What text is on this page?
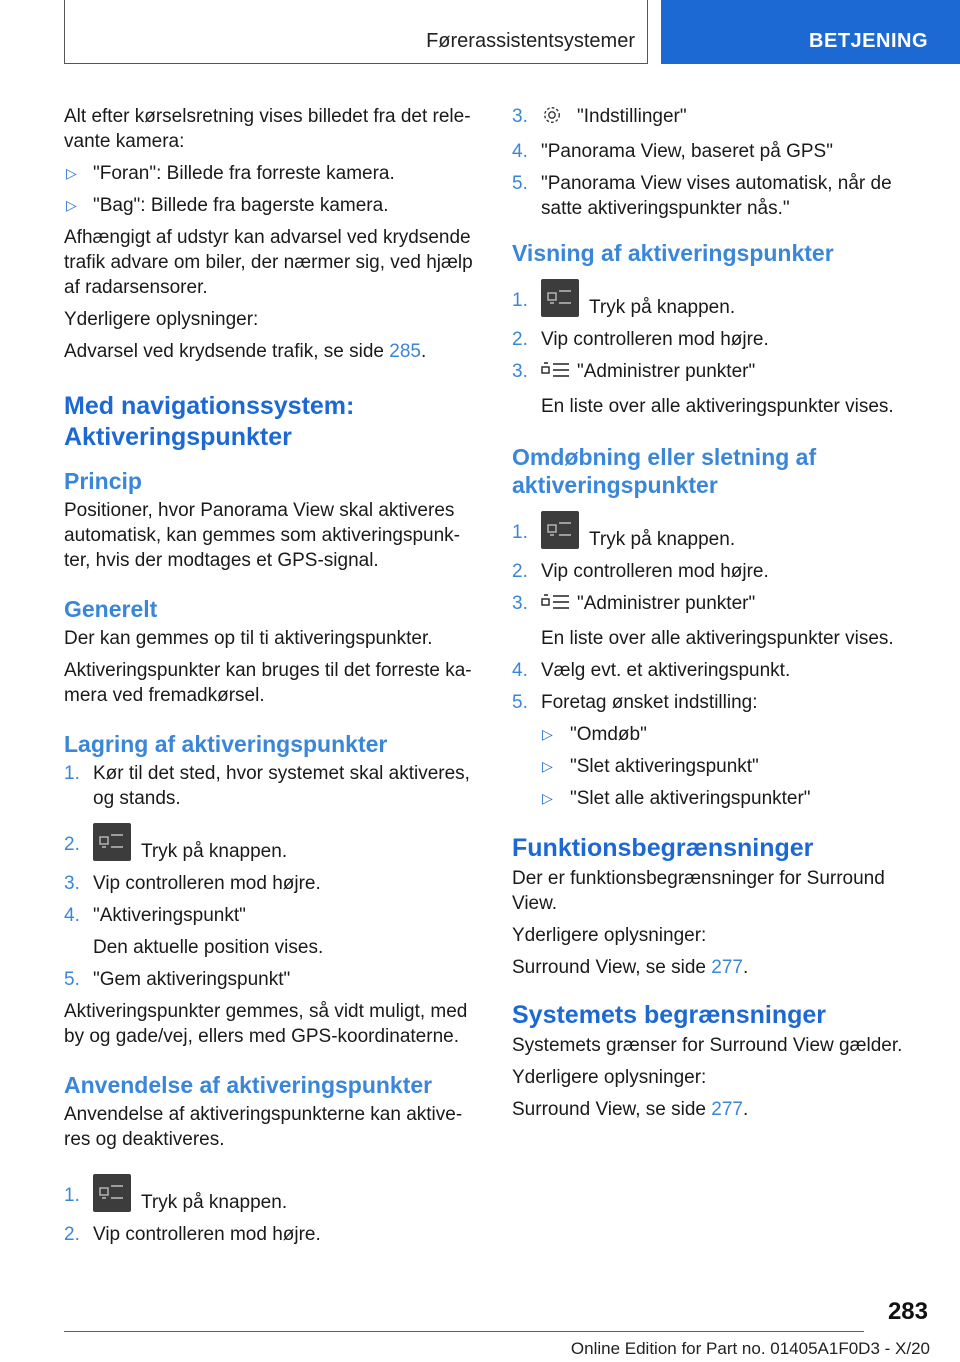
Førerassistentsystemer	BETJENING

Alt efter kørselsretning vises billedet fra det rele-vante kamera:

▷ "Foran": Billede fra forreste kamera.
▷ "Bag": Billede fra bagerste kamera.

Afhængigt af udstyr kan advarsel ved krydsende trafik advare om biler, der nærmer sig, ved hjælp af radarsensorer.

Yderligere oplysninger:

Advarsel ved krydsende trafik, se side 285.

Med navigationssystem: Aktiveringspunkter
Princip

Positioner, hvor Panorama View skal aktiveres automatisk, kan gemmes som aktiveringspunk-ter, hvis der modtages et GPS-signal.

Generelt

Der kan gemmes op til ti aktiveringspunkter.

Aktiveringspunkter kan bruges til det forreste ka-mera ved fremadkørsel.

Lagring af aktiveringspunkter
1. Kør til det sted, hvor systemet skal aktiveres, og stands.
2.	Tryk på knappen.
3. Vip controlleren mod højre.
4. "Aktiveringspunkt"

Den aktuelle position vises.

5. "Gem aktiveringspunkt"

Aktiveringspunkter gemmes, så vidt muligt, med by og gade/vej, ellers med GPS-koordinaterne.

Anvendelse af aktiveringspunkter

Anvendelse af aktiveringspunkterne kan aktive-res og deaktiveres.

1.	Tryk på knappen.
2. Vip controlleren mod højre.
3.	"Indstillinger"
4. "Panorama View, baseret på GPS"
5. "Panorama View vises automatisk, når de satte aktiveringspunkter nås."
Visning af aktiveringspunkter
1.	Tryk på knappen.
2. Vip controlleren mod højre.
3.	"Administrer punkter"

En liste over alle aktiveringspunkter vises.

Omdøbning eller sletning af aktiveringspunkter
1.	Tryk på knappen.
2. Vip controlleren mod højre.
3.	"Administrer punkter"

En liste over alle aktiveringspunkter vises.

4. Vælg evt. et aktiveringspunkt.
5. Foretag ønsket indstilling:
▷ "Omdøb"
▷ "Slet aktiveringspunkt"
▷ "Slet alle aktiveringspunkter"
Funktionsbegrænsninger

Der er funktionsbegrænsninger for Surround View.

Yderligere oplysninger:

Surround View, se side 277.

Systemets begrænsninger

Systemets grænser for Surround View gælder.

Yderligere oplysninger:

Surround View, se side 277.

283
Online Edition for Part no. 01405A1F0D3 - X/20
